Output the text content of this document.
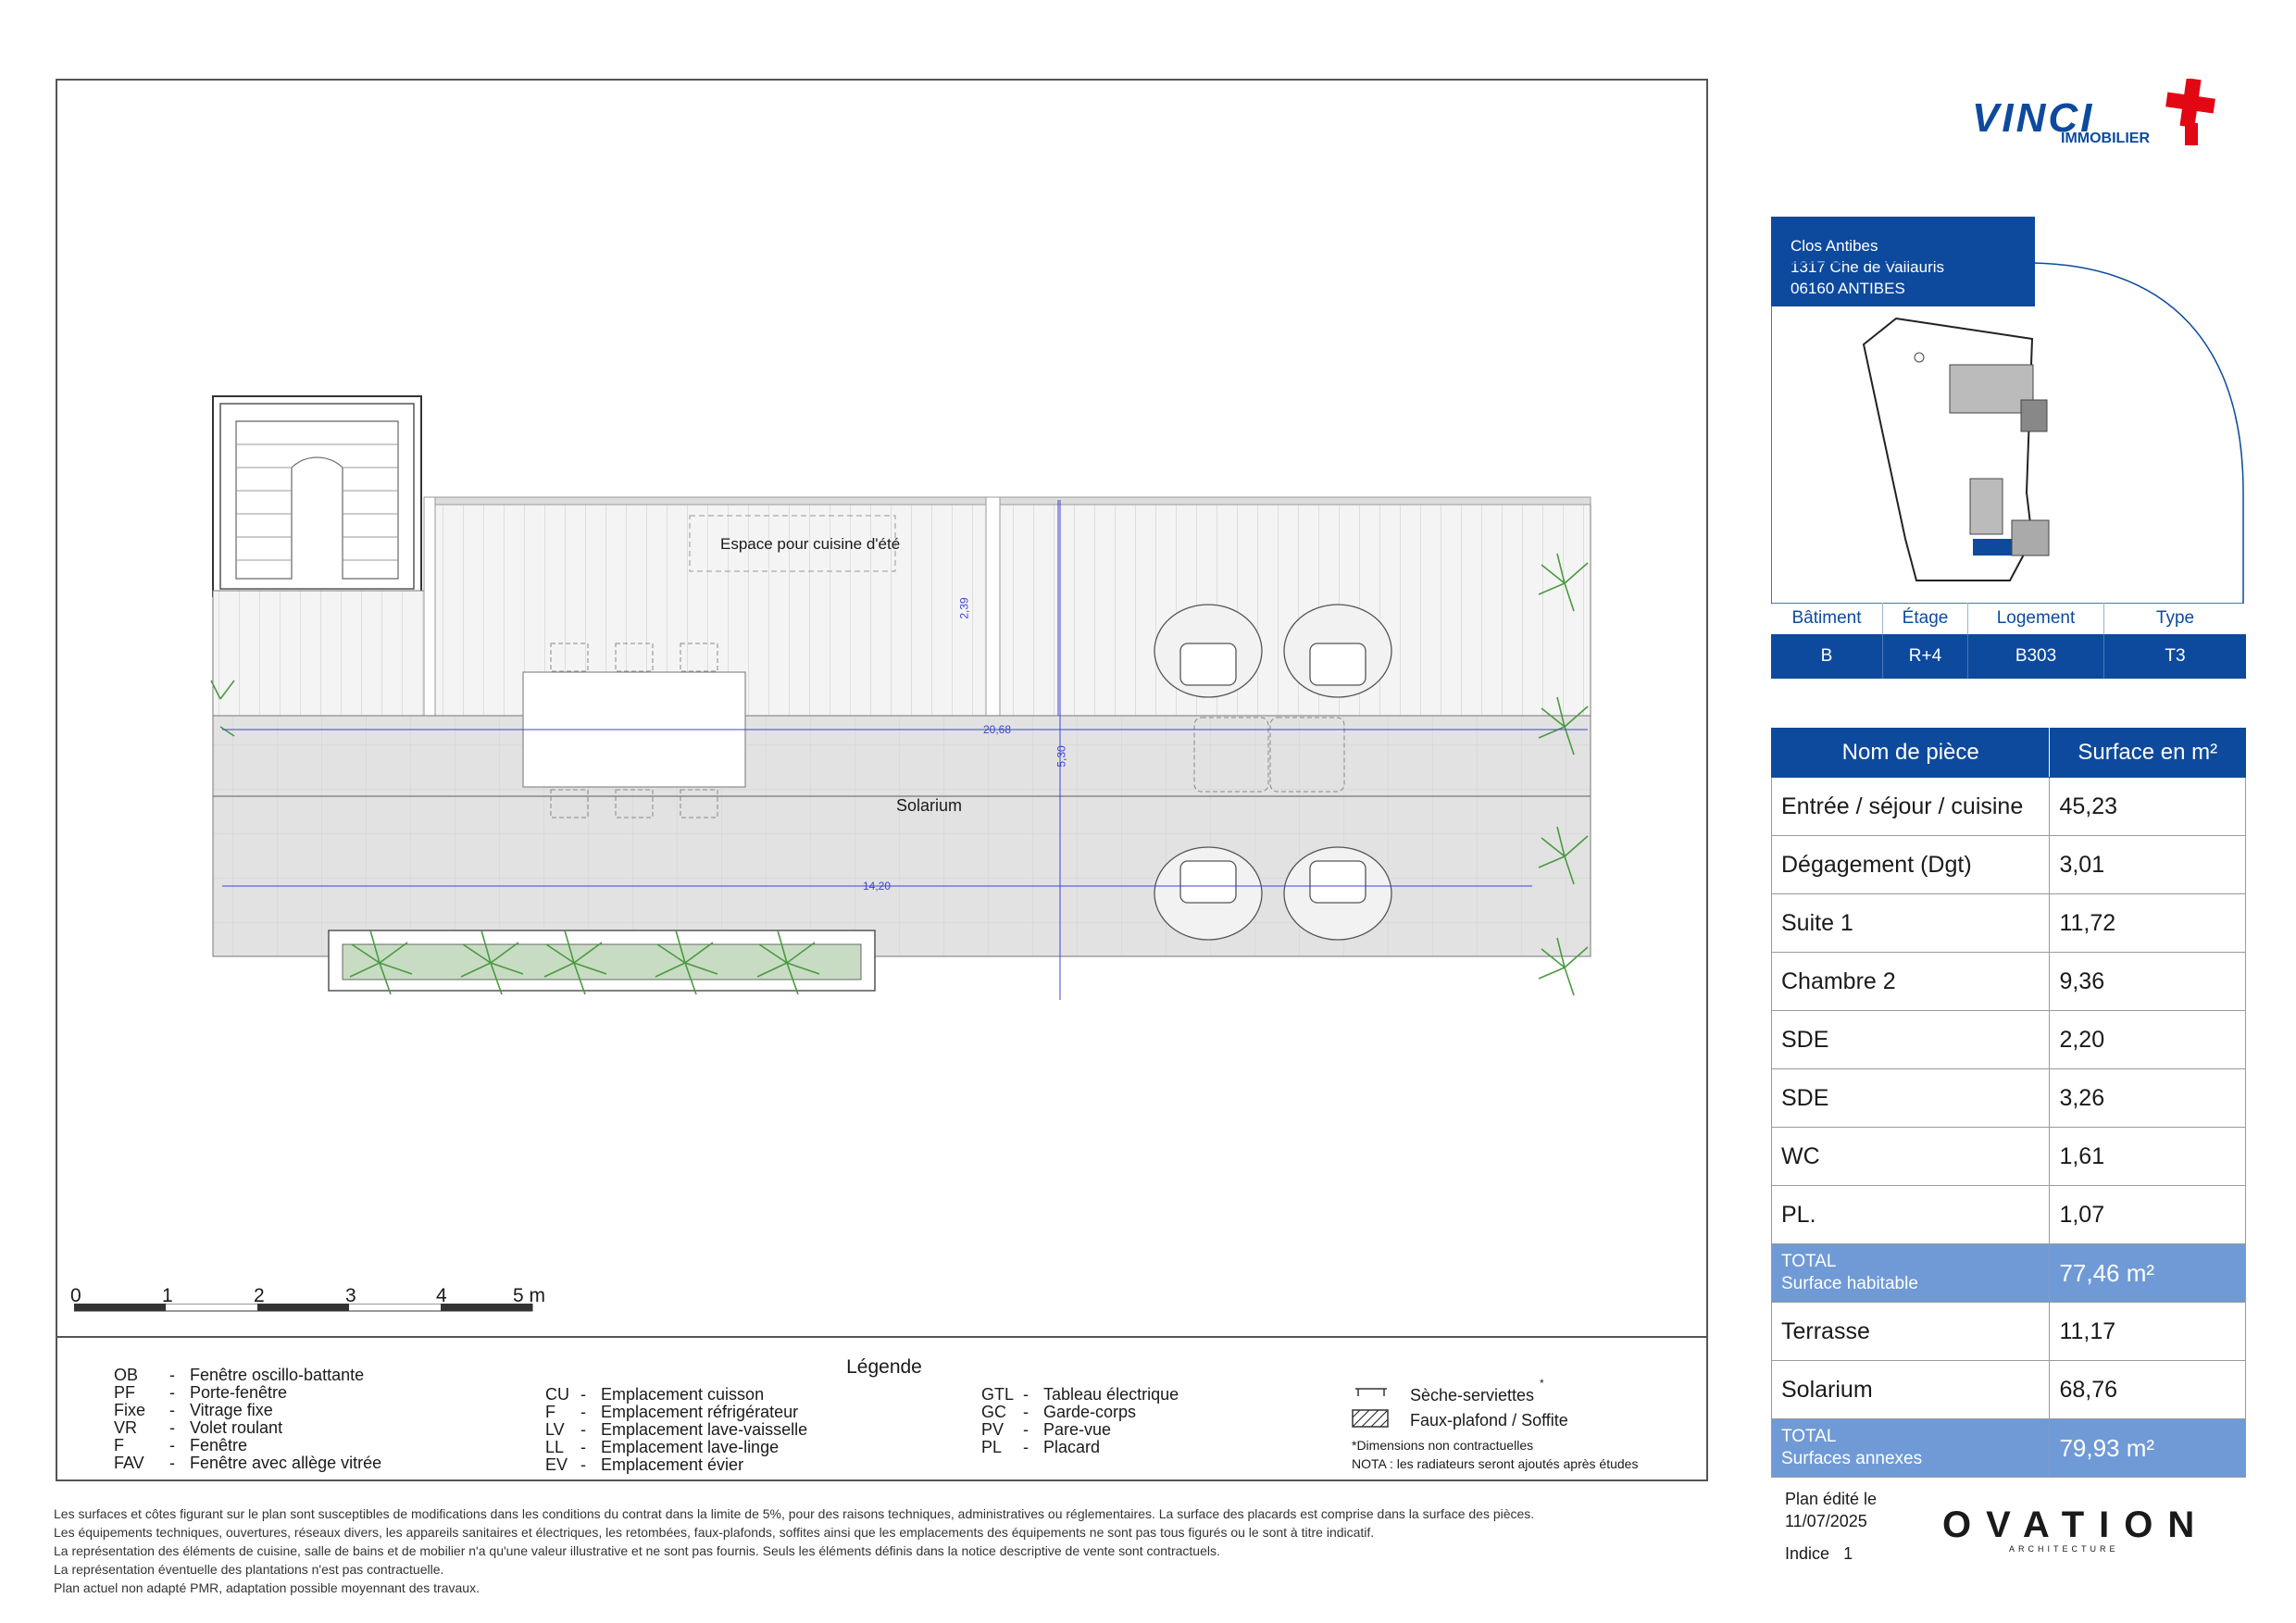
Espace pour cuisine d'été
Solarium
2,39
20,68
5,30
14,20
0	1	2	3	4	5 m
Légende
OB	- Fenêtre oscillo-battante
PF	- Porte-fenêtre
Fixe	- Vitrage fixe
VR	- Volet roulant
F	- Fenêtre
FAV	- Fenêtre avec allège vitrée
CU - Emplacement cuisson
F	- Emplacement réfrigérateur
LV - Emplacement lave-vaisselle
LL - Emplacement lave-linge
EV - Emplacement évier
GTL - Tableau électrique
GC	- Garde-corps
PV	- Pare-vue
PL	- Placard
Sèche-serviettes
*
Faux-plafond / Soffite
*Dimensions non contractuelles
NOTA : les radiateurs seront ajoutés après études
Les surfaces et côtes figurant sur le plan sont susceptibles de modifications dans les conditions du contrat dans la limite de 5%, pour des raisons techniques, administratives ou réglementaires. La surface des placards est comprise dans la surface des pièces.
Les équipements techniques, ouvertures, réseaux divers, les appareils sanitaires et électriques, les retombées, faux-plafonds, soffites ainsi que les emplacements des équipements ne sont pas tous figurés ou le sont à titre indicatif.
La représentation des éléments de cuisine, salle de bains et de mobilier n'a qu'une valeur illustrative et ne sont pas fournis. Seuls les éléments définis dans la notice descriptive de vente sont contractuels.
La représentation éventuelle des plantations n'est pas contractuelle.
Plan actuel non adapté PMR, adaptation possible moyennant des travaux.
VINCI
IMMOBILIER
Clos Antibes
1317 Che de Vallauris
06160 ANTIBES
Bâtiment	Étage	Logement	Type
B	R+4	B303	T3
Nom de pièce	Surface en m²
Entrée / séjour / cuisine	45,23
Dégagement (Dgt)	3,01
Suite 1	11,72
Chambre 2	9,36
SDE	2,20
SDE	3,26
WC	1,61
PL.	1,07

TOTAL
Surface habitable	77,46 m²
Terrasse	11,17
Solarium	68,76

TOTAL
Surfaces annexes	79,93 m²
Plan édité le
11/07/2025
Indice 1
OVATION
ARCHITECTURE
